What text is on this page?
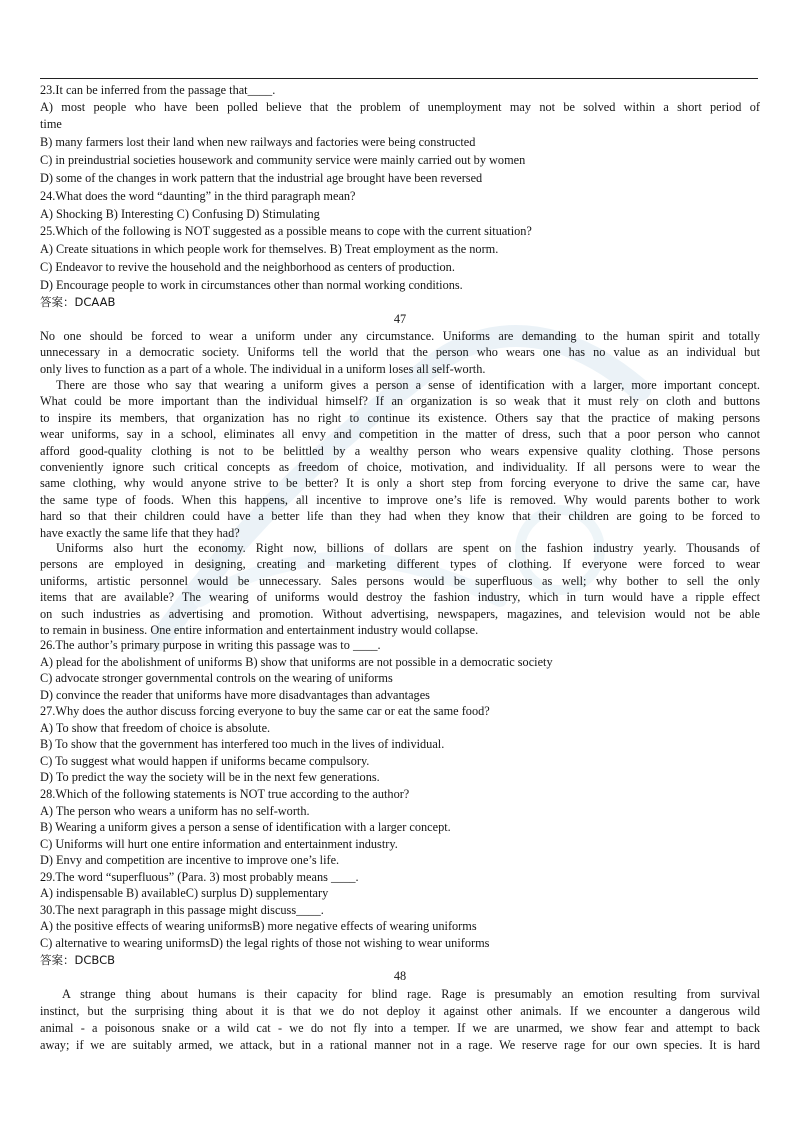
23.It can be inferred from the passage that____.
A) most people who have been polled believe that the problem of unemployment may not be solved within a short period of
time
B) many farmers lost their land when new railways and factories were being constructed
C) in preindustrial societies housework and community service were mainly carried out by women
D) some of the changes in work pattern that the industrial age brought have been reversed
24.What does the word “daunting” in the third paragraph mean?
A) Shocking B) Interesting C) Confusing D) Stimulating
25.Which of the following is NOT suggested as a possible means to cope with the current situation?
A) Create situations in which people work for themselves. B) Treat employment as the norm.
C) Endeavor to revive the household and the neighborhood as centers of production.
D) Encourage people to work in circumstances other than normal working conditions.
答案：DCAAB
47
No one should be forced to wear a uniform under any circumstance. Uniforms are demanding to the human spirit and totally
unnecessary in a democratic society. Uniforms tell the world that the person who wears one has no value as an individual but
only lives to function as a part of a whole. The individual in a uniform loses all self-worth.
There are those who say that wearing a uniform gives a person a sense of identification with a larger, more important concept.
What could be more important than the individual himself? If an organization is so weak that it must rely on cloth and buttons
to inspire its members, that organization has no right to continue its existence. Others say that the practice of making persons
wear uniforms, say in a school, eliminates all envy and competition in the matter of dress, such that a poor person who cannot
afford good-quality clothing is not to be belittled by a wealthy person who wears expensive quality clothing. Those persons
conveniently ignore such critical concepts as freedom of choice, motivation, and individuality. If all persons were to wear the
same clothing, why would anyone strive to be better? It is only a short step from forcing everyone to drive the same car, have
the same type of foods. When this happens, all incentive to improve one’s life is removed. Why would parents bother to work
hard so that their children could have a better life than they had when they know that their children are going to be forced to
have exactly the same life that they had?
Uniforms also hurt the economy. Right now, billions of dollars are spent on the fashion industry yearly. Thousands of
persons are employed in designing, creating and marketing different types of clothing. If everyone were forced to wear
uniforms, artistic personnel would be unnecessary. Sales persons would be superfluous as well; why bother to sell the only
items that are available? The wearing of uniforms would destroy the fashion industry, which in turn would have a ripple effect
on such industries as advertising and promotion. Without advertising, newspapers, magazines, and television would not be able
to remain in business. One entire information and entertainment industry would collapse.
26.The author’s primary purpose in writing this passage was to ____.
A) plead for the abolishment of uniforms B) show that uniforms are not possible in a democratic society
C) advocate stronger governmental controls on the wearing of uniforms
D) convince the reader that uniforms have more disadvantages than advantages
27.Why does the author discuss forcing everyone to buy the same car or eat the same food?
A) To show that freedom of choice is absolute.
B) To show that the government has interfered too much in the lives of individual.
C) To suggest what would happen if uniforms became compulsory.
D) To predict the way the society will be in the next few generations.
28.Which of the following statements is NOT true according to the author?
A) The person who wears a uniform has no self-worth.
B) Wearing a uniform gives a person a sense of identification with a larger concept.
C) Uniforms will hurt one entire information and entertainment industry.
D) Envy and competition are incentive to improve one’s life.
29.The word “superfluous” (Para. 3) most probably means ____.
A) indispensable B) availableC) surplus D) supplementary
30.The next paragraph in this passage might discuss____.
A) the positive effects of wearing uniformsB) more negative effects of wearing uniforms
C) alternative to wearing uniformsD) the legal rights of those not wishing to wear uniforms
答案：DCBCB
48
A strange thing about humans is their capacity for blind rage. Rage is presumably an emotion resulting from survival
instinct, but the surprising thing about it is that we do not deploy it against other animals. If we encounter a dangerous wild
animal - a poisonous snake or a wild cat - we do not fly into a temper. If we are unarmed, we show fear and attempt to back
away; if we are suitably armed, we attack, but in a rational manner not in a rage. We reserve rage for our own species. It is hard
